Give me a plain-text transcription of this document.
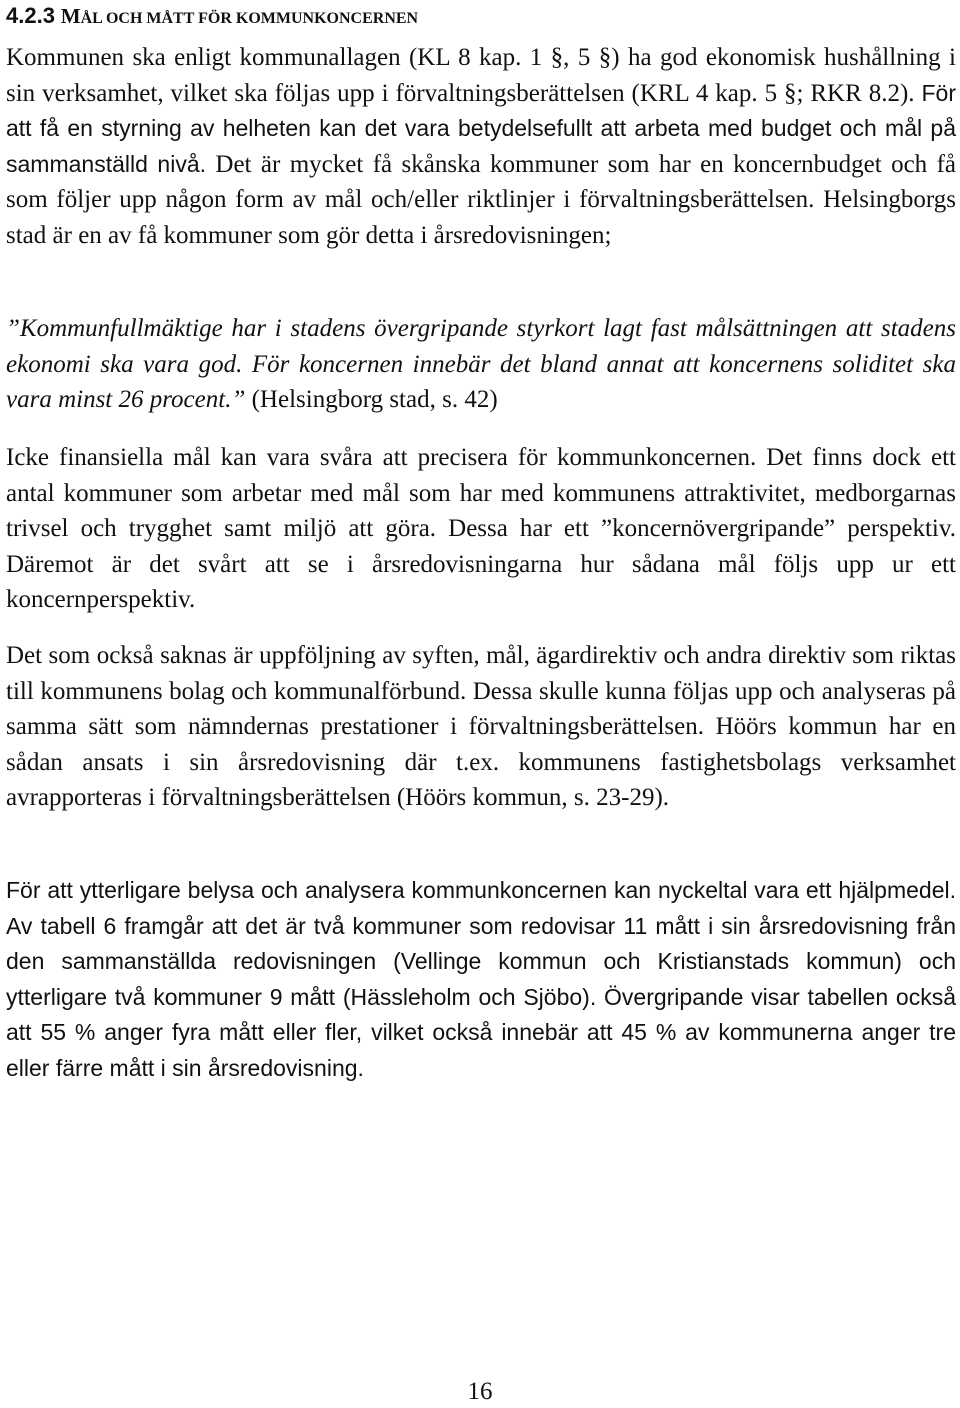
4.2.3 MÅL OCH MÅTT FÖR KOMMUNKONCERNEN

Kommunen ska enligt kommunallagen (KL 8 kap. 1 §, 5 §) ha god ekonomisk hushållning i sin verksamhet, vilket ska följas upp i förvaltningsberättelsen (KRL 4 kap. 5 §; RKR 8.2). För att få en styrning av helheten kan det vara betydelsefullt att arbeta med budget och mål på sammanställd nivå. Det är mycket få skånska kommuner som har en koncernbudget och få som följer upp någon form av mål och/eller riktlinjer i förvaltningsberättelsen. Helsingborgs stad är en av få kommuner som gör detta i årsredovisningen;

”Kommunfullmäktige har i stadens övergripande styrkort lagt fast målsättningen att stadens ekonomi ska vara god. För koncernen innebär det bland annat att koncernens soliditet ska vara minst 26 procent.” (Helsingborg stad, s. 42)

Icke finansiella mål kan vara svåra att precisera för kommunkoncernen. Det finns dock ett antal kommuner som arbetar med mål som har med kommunens attraktivitet, medborgarnas trivsel och trygghet samt miljö att göra. Dessa har ett ”koncernövergripande” perspektiv. Däremot är det svårt att se i årsredovisningarna hur sådana mål följs upp ur ett koncernperspektiv.

Det som också saknas är uppföljning av syften, mål, ägardirektiv och andra direktiv som riktas till kommunens bolag och kommunalförbund. Dessa skulle kunna följas upp och analyseras på samma sätt som nämndernas prestationer i förvaltningsberättelsen. Höörs kommun har en sådan ansats i sin årsredovisning där t.ex. kommunens fastighetsbolags verksamhet avrapporteras i förvaltningsberättelsen (Höörs kommun, s. 23-29).

För att ytterligare belysa och analysera kommunkoncernen kan nyckeltal vara ett hjälpmedel. Av tabell 6 framgår att det är två kommuner som redovisar 11 mått i sin årsredovisning från den sammanställda redovisningen (Vellinge kommun och Kristianstads kommun) och ytterligare två kommuner 9 mått (Hässleholm och Sjöbo). Övergripande visar tabellen också att 55 % anger fyra mått eller fler, vilket också innebär att 45 % av kommunerna anger tre eller färre mått i sin årsredovisning.

16
